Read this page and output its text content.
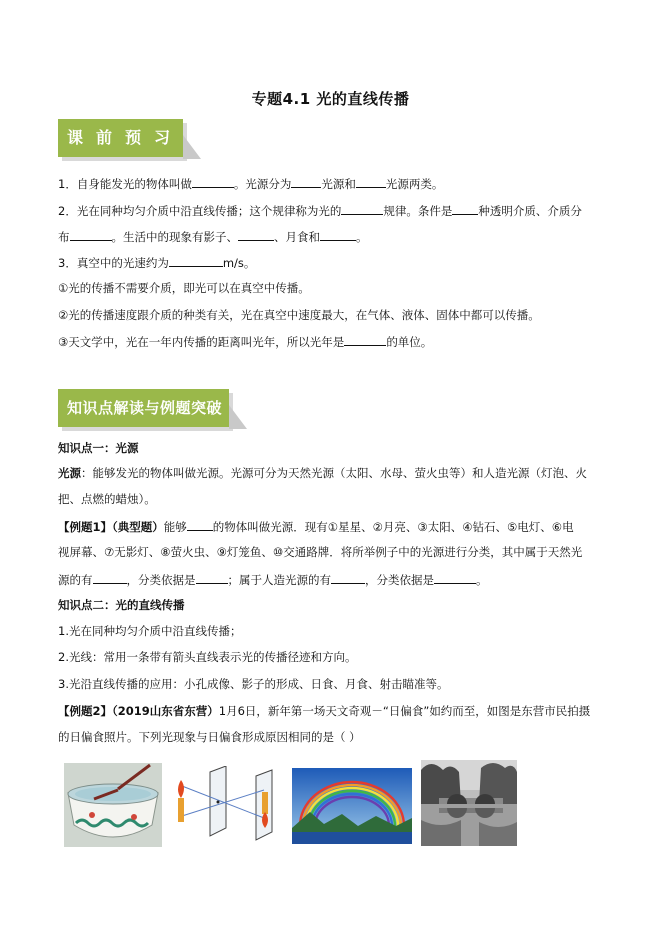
专题4.1 光的直线传播
课前预习
1．自身能发光的物体叫做	。光源分为	光源和	光源两类。
2．光在同种均匀介质中沿直线传播；这个规律称为光的	规律。条件是 种透明介质、介质分
布	。生活中的现象有影子、	、月食和	。
3．真空中的光速约为	m/s。
①光的传播不需要介质，即光可以在真空中传播。
②光的传播速度跟介质的种类有关，光在真空中速度最大，在气体、液体、固体中都可以传播。
③天文学中，光在一年内传播的距离叫光年，所以光年是	的单位。
知识点解读与例题突破
知识点一：光源
光源：能够发光的物体叫做光源。光源可分为天然光源（太阳、水母、萤火虫等）和人造光源（灯泡、火
把、点燃的蜡烛）。
【例题1】（典型题）能够 的物体叫做光源．现有①星星、②月亮、③太阳、④钻石、⑤电灯、⑥电
视屏幕、⑦无影灯、⑧萤火虫、⑨灯笼鱼、⑩交通路牌．将所举例子中的光源进行分类，其中属于天然光
源的有	，分类依据是	；属于人造光源的有	，分类依据是	。
知识点二：光的直线传播
1.光在同种均匀介质中沿直线传播；
2.光线：常用一条带有箭头直线表示光的传播径迹和方向。
3.光沿直线传播的应用：小孔成像、影子的形成、日食、月食、射击瞄准等。
【例题2】（2019山东省东营）1月6日，新年第一场天文奇观－“日偏食”如约而至，如图是东营市民拍摄
的日偏食照片。下列光现象与日偏食形成原因相同的是（ ）
